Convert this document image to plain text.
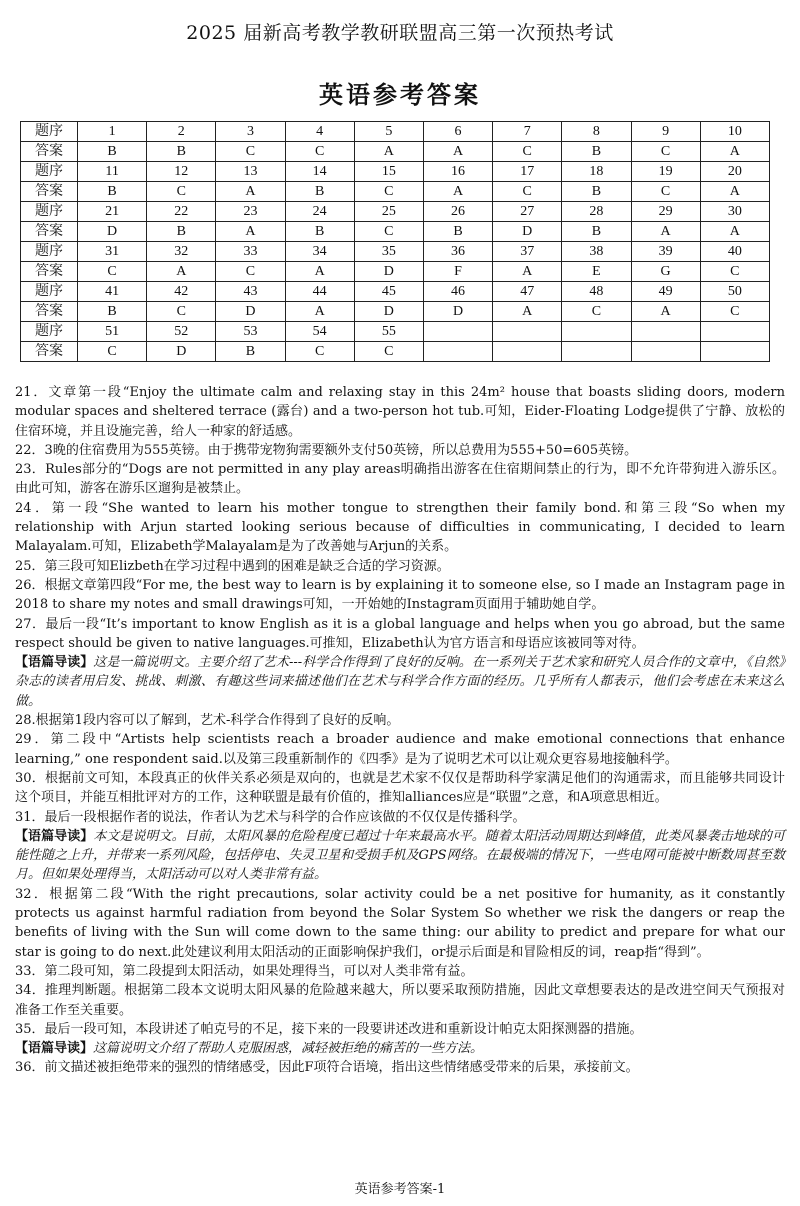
2025 届新高考教学教研联盟高三第一次预热考试
英语参考答案
题序	1	2	3	4	5	6	7	8	9	10
答案	B	B	C	C	A	A	C	B	C	A
题序	11	12	13	14	15	16	17	18	19	20
答案	B	C	A	B	C	A	C	B	C	A
题序	21	22	23	24	25	26	27	28	29	30
答案	D	B	A	B	C	B	D	B	A	A
题序	31	32	33	34	35	36	37	38	39	40
答案	C	A	C	A	D	F	A	E	G	C
题序	41	42	43	44	45	46	47	48	49	50
答案	B	C	D	A	D	D	A	C	A	C
题序	51	52	53	54	55					
答案	C	D	B	C	C					

21．文章第一段“Enjoy the ultimate calm and relaxing stay in this 24m² house that boasts sliding doors, modern modular spaces and sheltered terrace (露台) and a two-person hot tub.可知，Eider-Floating Lodge提供了宁静、放松的住宿环境，并且设施完善，给人一种家的舒适感。

22．3晚的住宿费用为555英镑。由于携带宠物狗需要额外支付50英镑，所以总费用为555+50=605英镑。

23．Rules部分的“Dogs are not permitted in any play areas明确指出游客在住宿期间禁止的行为，即不允许带狗进入游乐区。由此可知，游客在游乐区遛狗是被禁止。

24．第一段“She wanted to learn his mother tongue to strengthen their family bond.和第三段“So when my relationship with Arjun started looking serious because of difficulties in communicating, I decided to learn Malayalam.可知，Elizabeth学Malayalam是为了改善她与Arjun的关系。

25．第三段可知Elizbeth在学习过程中遇到的困难是缺乏合适的学习资源。

26．根据文章第四段“For me, the best way to learn is by explaining it to someone else, so I made an Instagram page in 2018 to share my notes and small drawings可知，一开始她的Instagram页面用于辅助她自学。

27．最后一段“It’s important to know English as it is a global language and helps when you go abroad, but the same respect should be given to native languages.可推知，Elizabeth认为官方语言和母语应该被同等对待。

【语篇导读】这是一篇说明文。主要介绍了艺术---科学合作得到了良好的反响。在一系列关于艺术家和研究人员合作的文章中，《自然》杂志的读者用启发、挑战、刺激、有趣这些词来描述他们在艺术与科学合作方面的经历。几乎所有人都表示，他们会考虑在未来这么做。

28.根据第1段内容可以了解到，艺术-科学合作得到了良好的反响。

29．第二段中“Artists help scientists reach a broader audience and make emotional connections that enhance learning,” one respondent said.以及第三段重新制作的《四季》是为了说明艺术可以让观众更容易地接触科学。

30．根据前文可知，本段真正的伙伴关系必须是双向的，也就是艺术家不仅仅是帮助科学家满足他们的沟通需求，而且能够共同设计这个项目，并能互相批评对方的工作，这种联盟是最有价值的，推知alliances应是“联盟”之意，和A项意思相近。

31．最后一段根据作者的说法，作者认为艺术与科学的合作应该做的不仅仅是传播科学。

【语篇导读】本文是说明文。目前，太阳风暴的危险程度已超过十年来最高水平。随着太阳活动周期达到峰值，此类风暴袭击地球的可能性随之上升，并带来一系列风险，包括停电、失灵卫星和受损手机及GPS网络。在最极端的情况下，一些电网可能被中断数周甚至数月。但如果处理得当，太阳活动可以对人类非常有益。

32．根据第二段“With the right precautions, solar activity could be a net positive for humanity, as it constantly protects us against harmful radiation from beyond the Solar System So whether we risk the dangers or reap the benefits of living with the Sun will come down to the same thing: our ability to predict and prepare for what our star is going to do next.此处建议利用太阳活动的正面影响保护我们，or提示后面是和冒险相反的词，reap指“得到”。

33．第二段可知，第二段提到太阳活动，如果处理得当，可以对人类非常有益。

34．推理判断题。根据第二段本文说明太阳风暴的危险越来越大，所以要采取预防措施，因此文章想要表达的是改进空间天气预报对准备工作至关重要。

35．最后一段可知，本段讲述了帕克号的不足，接下来的一段要讲述改进和重新设计帕克太阳探测器的措施。

【语篇导读】这篇说明文介绍了帮助人克服困惑，减轻被拒绝的痛苦的一些方法。

36．前文描述被拒绝带来的强烈的情绪感受，因此F项符合语境，指出这些情绪感受带来的后果，承接前文。

英语参考答案-1
